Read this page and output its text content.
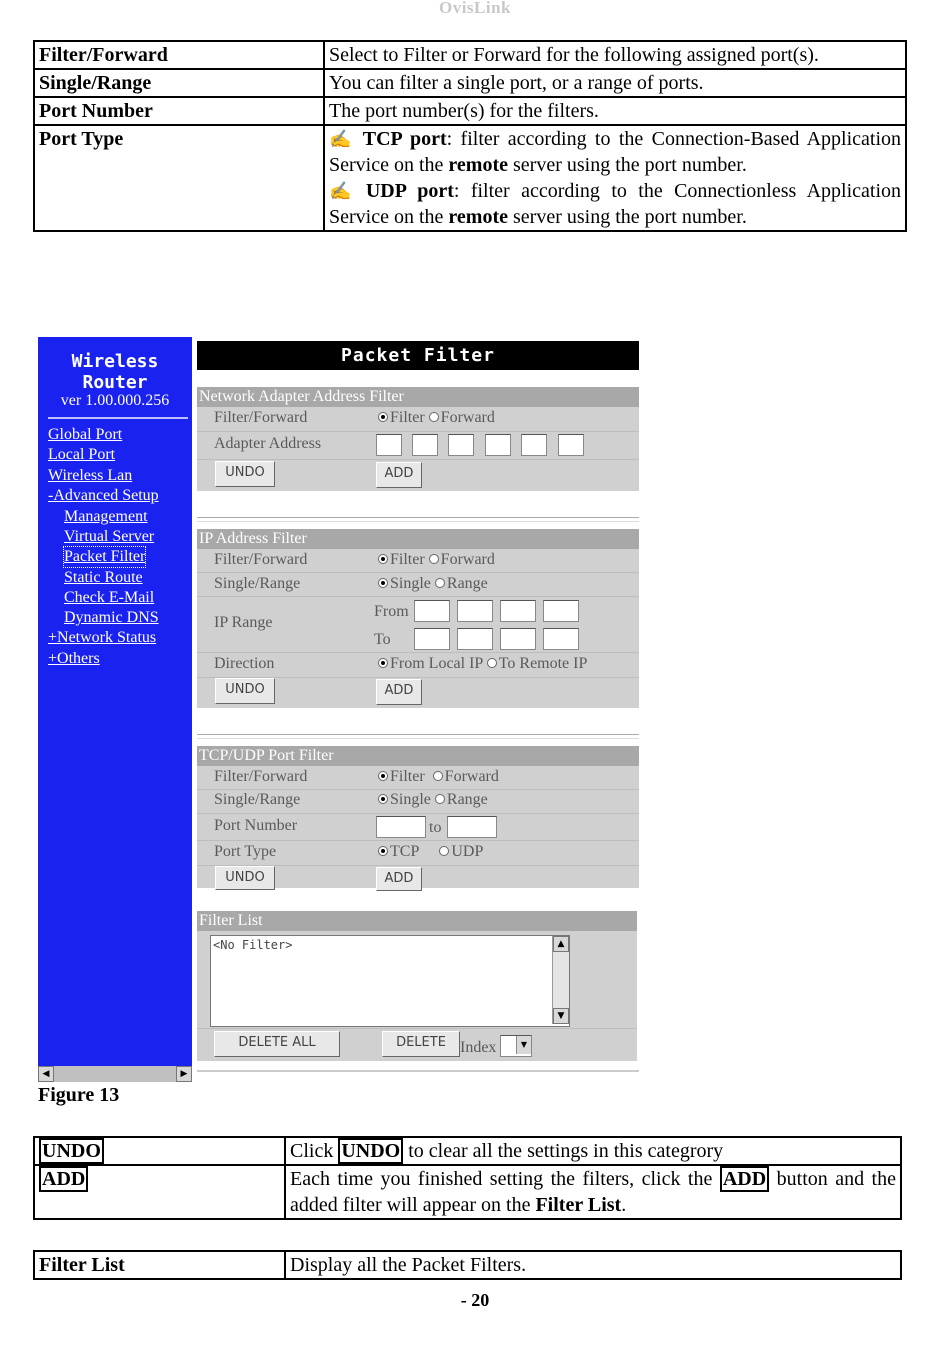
OvisLink
Filter/Forward	Select to Filter or Forward for the following assigned port(s).
Single/Range	You can filter a single port, or a range of ports.
Port Number	The port number(s) for the filters.
Port Type	✍ TCP port: filter according to the Connection-Based Application Service on the remote server using the port number.
✍ UDP port: filter according to the Connectionless Application Service on the remote server using the port number.
Wireless
Router
ver 1.00.000.256
Global Port
Local Port
Wireless Lan
-Advanced Setup
Management
Virtual Server
Packet Filter
Static Route
Check E-Mail
Dynamic DNS
+Network Status
+Others
◀	▶
Packet Filter
Network Adapter Address Filter
Filter/Forward	Filter Forward
Adapter Address
UNDO	ADD
IP Address Filter
Filter/Forward	Filter Forward
Single/Range	Single Range
IP Range
From
To
Direction	From Local IP To Remote IP
UNDO	ADD
TCP/UDP Port Filter
Filter/Forward	Filter Forward
Single/Range	Single Range
Port Number	to
Port Type	TCP UDP
UNDO	ADD
Filter List
<No Filter>	▲
▼
DELETE ALL	DELETE Index	▼
Figure 13
UNDO	Click UNDO to clear all the settings in this categrory
ADD	Each time you finished setting the filters, click the ADD button and the added filter will appear on the Filter List.
Filter List	Display all the Packet Filters.
- 20
